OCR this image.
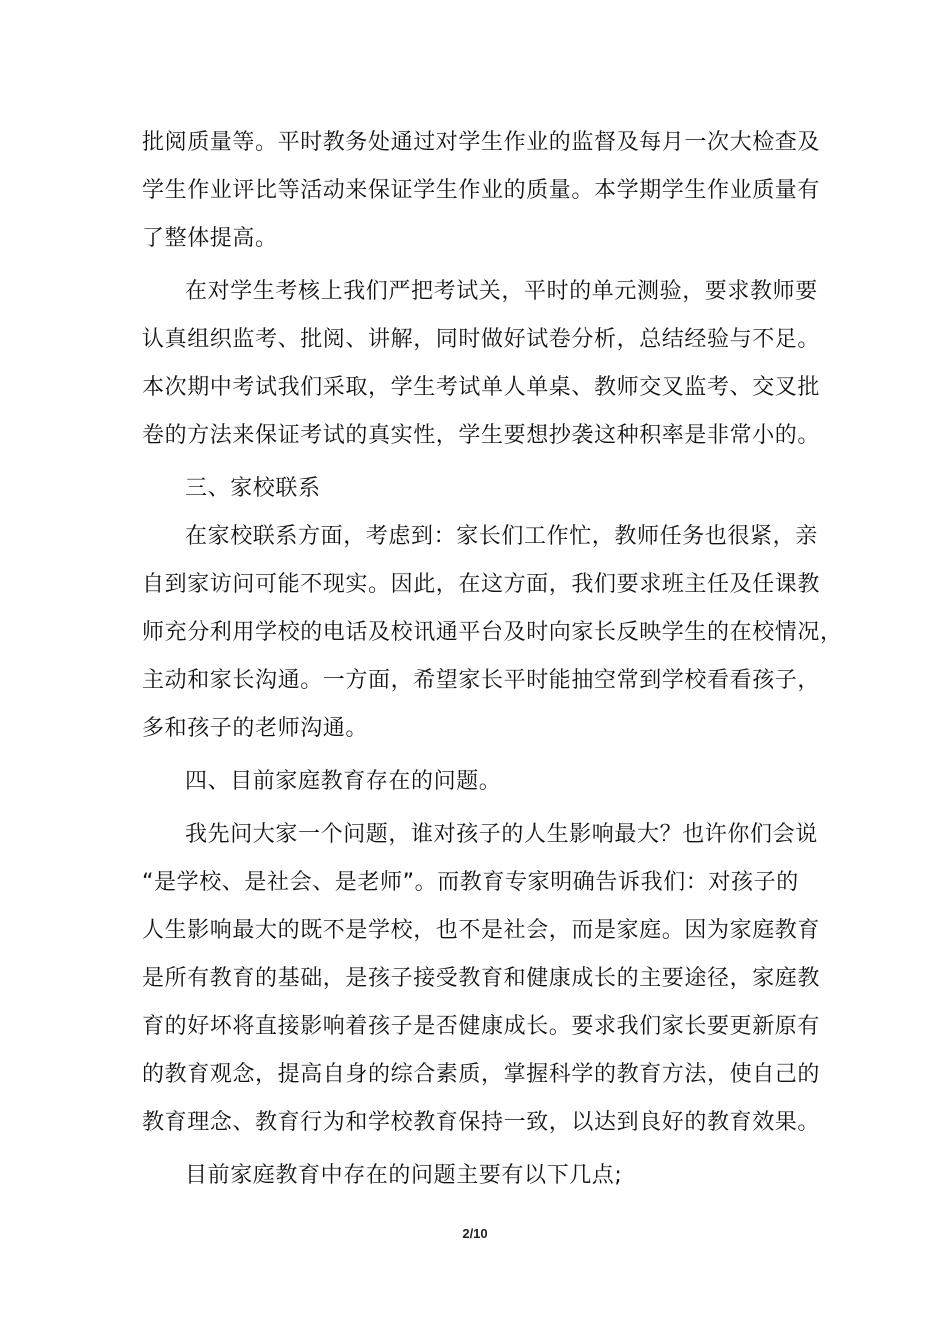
批阅质量等。平时教务处通过对学生作业的监督及每月一次大检查及
学生作业评比等活动来保证学生作业的质量。本学期学生作业质量有
了整体提高。
在对学生考核上我们严把考试关，平时的单元测验，要求教师要
认真组织监考、批阅、讲解，同时做好试卷分析，总结经验与不足。
本次期中考试我们采取，学生考试单人单桌、教师交叉监考、交叉批
卷的方法来保证考试的真实性，学生要想抄袭这种积率是非常小的。
三、家校联系
在家校联系方面，考虑到：家长们工作忙，教师任务也很紧，亲
自到家访问可能不现实。因此，在这方面，我们要求班主任及任课教
师充分利用学校的电话及校讯通平台及时向家长反映学生的在校情况，
主动和家长沟通。一方面，希望家长平时能抽空常到学校看看孩子，
多和孩子的老师沟通。
四、目前家庭教育存在的问题。
我先问大家一个问题，谁对孩子的人生影响最大？也许你们会说
“是学校、是社会、是老师”。而教育专家明确告诉我们：对孩子的
人生影响最大的既不是学校，也不是社会，而是家庭。因为家庭教育
是所有教育的基础，是孩子接受教育和健康成长的主要途径，家庭教
育的好坏将直接影响着孩子是否健康成长。要求我们家长要更新原有
的教育观念，提高自身的综合素质，掌握科学的教育方法，使自己的
教育理念、教育行为和学校教育保持一致，以达到良好的教育效果。
目前家庭教育中存在的问题主要有以下几点;
2/10
